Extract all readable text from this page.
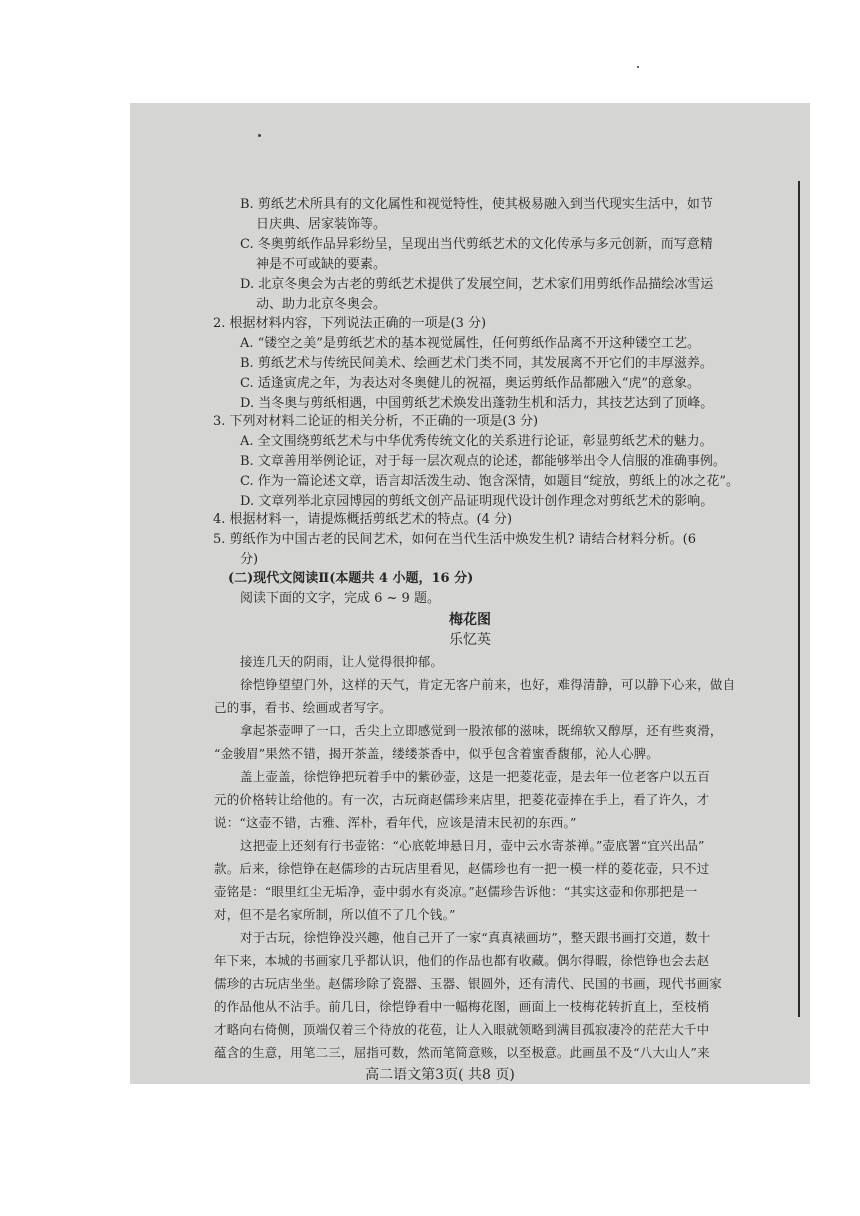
B. 剪纸艺术所具有的文化属性和视觉特性，使其极易融入到当代现实生活中，如节
日庆典、居家装饰等。
C. 冬奥剪纸作品异彩纷呈，呈现出当代剪纸艺术的文化传承与多元创新，而写意精
神是不可或缺的要素。
D. 北京冬奥会为古老的剪纸艺术提供了发展空间，艺术家们用剪纸作品描绘冰雪运
动、助力北京冬奥会。
2. 根据材料内容，下列说法正确的一项是(3 分)
A. “镂空之美”是剪纸艺术的基本视觉属性，任何剪纸作品离不开这种镂空工艺。
B. 剪纸艺术与传统民间美术、绘画艺术门类不同，其发展离不开它们的丰厚滋养。
C. 适逢寅虎之年，为表达对冬奥健儿的祝福，奥运剪纸作品都融入“虎”的意象。
D. 当冬奥与剪纸相遇，中国剪纸艺术焕发出蓬勃生机和活力，其技艺达到了顶峰。
3. 下列对材料二论证的相关分析，不正确的一项是(3 分)
A. 全文围绕剪纸艺术与中华优秀传统文化的关系进行论证，彰显剪纸艺术的魅力。
B. 文章善用举例论证，对于每一层次观点的论述，都能够举出令人信服的准确事例。
C. 作为一篇论述文章，语言却活泼生动、饱含深情，如题目“绽放，剪纸上的冰之花”。
D. 文章列举北京园博园的剪纸文创产品证明现代设计创作理念对剪纸艺术的影响。
4. 根据材料一，请提炼概括剪纸艺术的特点。(4 分)
5. 剪纸作为中国古老的民间艺术，如何在当代生活中焕发生机? 请结合材料分析。(6
分)
(二)现代文阅读Ⅱ(本题共 4 小题，16 分)
阅读下面的文字，完成 6 ~ 9 题。
梅花图
乐忆英
接连几天的阴雨，让人觉得很抑郁。
徐恺铮望望门外，这样的天气，肯定无客户前来，也好，难得清静，可以静下心来，做自
己的事，看书、绘画或者写字。
拿起茶壶呷了一口，舌尖上立即感觉到一股浓郁的滋味，既绵软又醇厚，还有些爽滑，
“金骏眉”果然不错，揭开茶盖，缕缕茶香中，似乎包含着蜜香馥郁，沁人心脾。
盖上壶盖，徐恺铮把玩着手中的紫砂壶，这是一把菱花壶，是去年一位老客户以五百
元的价格转让给他的。有一次，古玩商赵儒珍来店里，把菱花壶捧在手上，看了许久，才
说：“这壶不错，古雅、浑朴，看年代，应该是清末民初的东西。”
这把壶上还刻有行书壶铭：“心底乾坤悬日月，壶中云水寄茶禅。”壶底署“宜兴出品”
款。后来，徐恺铮在赵儒珍的古玩店里看见，赵儒珍也有一把一模一样的菱花壶，只不过
壶铭是：“眼里红尘无垢净，壶中弱水有炎凉。”赵儒珍告诉他：“其实这壶和你那把是一
对，但不是名家所制，所以值不了几个钱。”
对于古玩，徐恺铮没兴趣，他自己开了一家“真真裱画坊”，整天跟书画打交道，数十
年下来，本城的书画家几乎都认识，他们的作品也都有收藏。偶尔得暇，徐恺铮也会去赵
儒珍的古玩店坐坐。赵儒珍除了瓷器、玉器、银圆外，还有清代、民国的书画，现代书画家
的作品他从不沾手。前几日，徐恺铮看中一幅梅花图，画面上一枝梅花转折直上，至枝梢
才略向右倚侧，顶端仅着三个待放的花苞，让人入眼就领略到满目孤寂凄冷的茫茫大千中
蕴含的生意，用笔二三，屈指可数，然而笔简意赅，以至极意。此画虽不及“八大山人”来
高二语文第3页( 共8 页)
